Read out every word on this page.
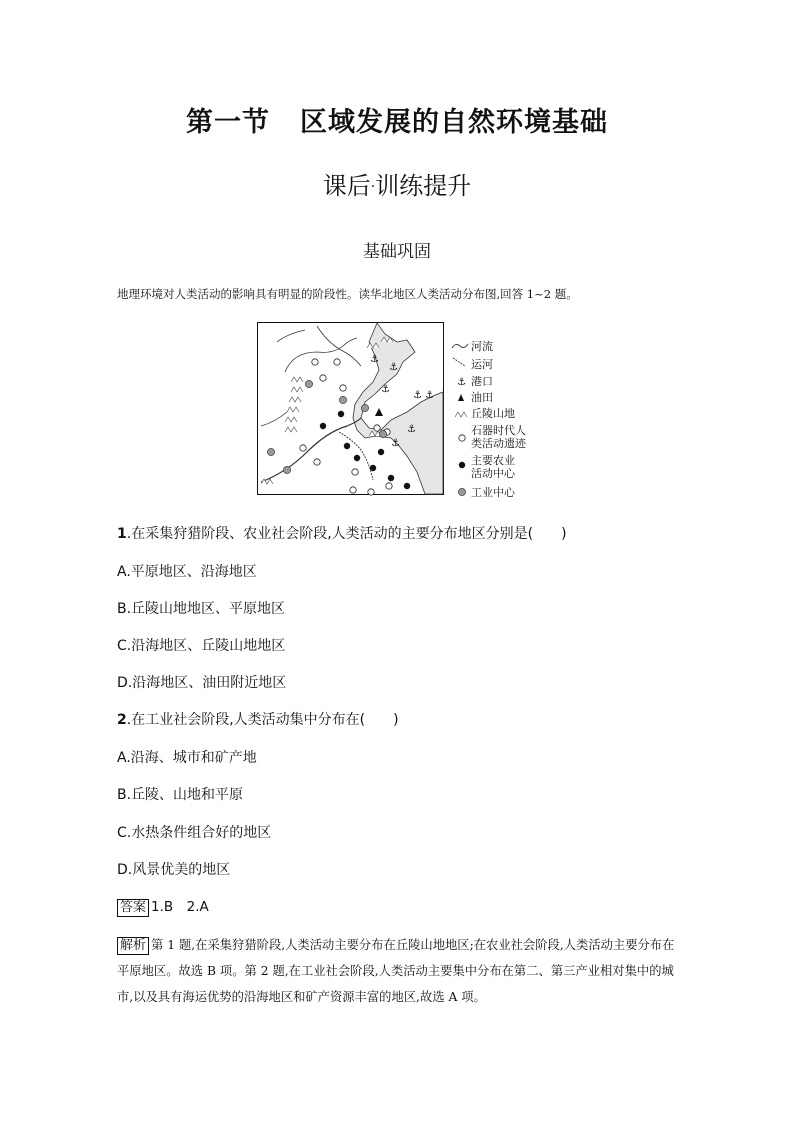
第一节 区域发展的自然环境基础
课后·训练提升
基础巩固
地理环境对人类活动的影响具有明显的阶段性。读华北地区人类活动分布图,回答 1~2 题。
⚓
⚓
⚓ ⚓
⚓
⚓
⚓
河流
运河
⚓ 港口
油田
丘陵山地
石器时代人
类活动遗迹
主要农业
活动中心
工业中心
1.在采集狩猎阶段、农业社会阶段,人类活动的主要分布地区分别是(　　)
A.平原地区、沿海地区
B.丘陵山地地区、平原地区
C.沿海地区、丘陵山地地区
D.沿海地区、油田附近地区
2.在工业社会阶段,人类活动集中分布在(　　)
A.沿海、城市和矿产地
B.丘陵、山地和平原
C.水热条件组合好的地区
D.风景优美的地区
答案 1.B　2.A
解析 第 1 题,在采集狩猎阶段,人类活动主要分布在丘陵山地地区;在农业社会阶段,人类活动主要分布在平原地区。故选 B 项。第 2 题,在工业社会阶段,人类活动主要集中分布在第二、第三产业相对集中的城市,以及具有海运优势的沿海地区和矿产资源丰富的地区,故选 A 项。
